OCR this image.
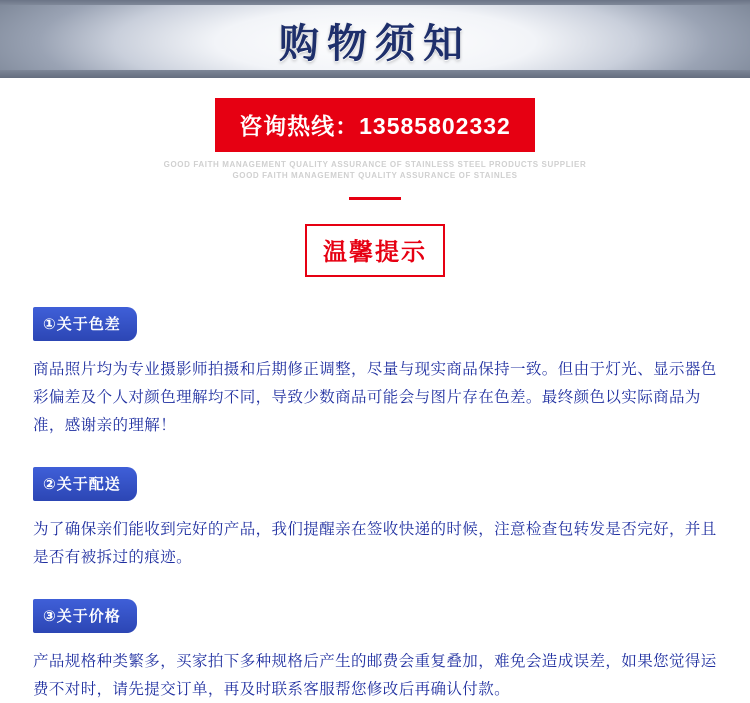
购物须知
咨询热线：13585802332
GOOD FAITH MANAGEMENT QUALITY ASSURANCE OF STAINLESS STEEL PRODUCTS SUPPLIER
GOOD FAITH MANAGEMENT QUALITY ASSURANCE OF STAINLES
温馨提示
①关于色差
商品照片均为专业摄影师拍摄和后期修正调整，尽量与现实商品保持一致。但由于灯光、显示器色彩偏差及个人对颜色理解均不同，导致少数商品可能会与图片存在色差。最终颜色以实际商品为准，感谢亲的理解！
②关于配送
为了确保亲们能收到完好的产品，我们提醒亲在签收快递的时候，注意检查包转发是否完好，并且是否有被拆过的痕迹。
③关于价格
产品规格种类繁多，买家拍下多种规格后产生的邮费会重复叠加，难免会造成误差，如果您觉得运费不对时，请先提交订单，再及时联系客服帮您修改后再确认付款。
